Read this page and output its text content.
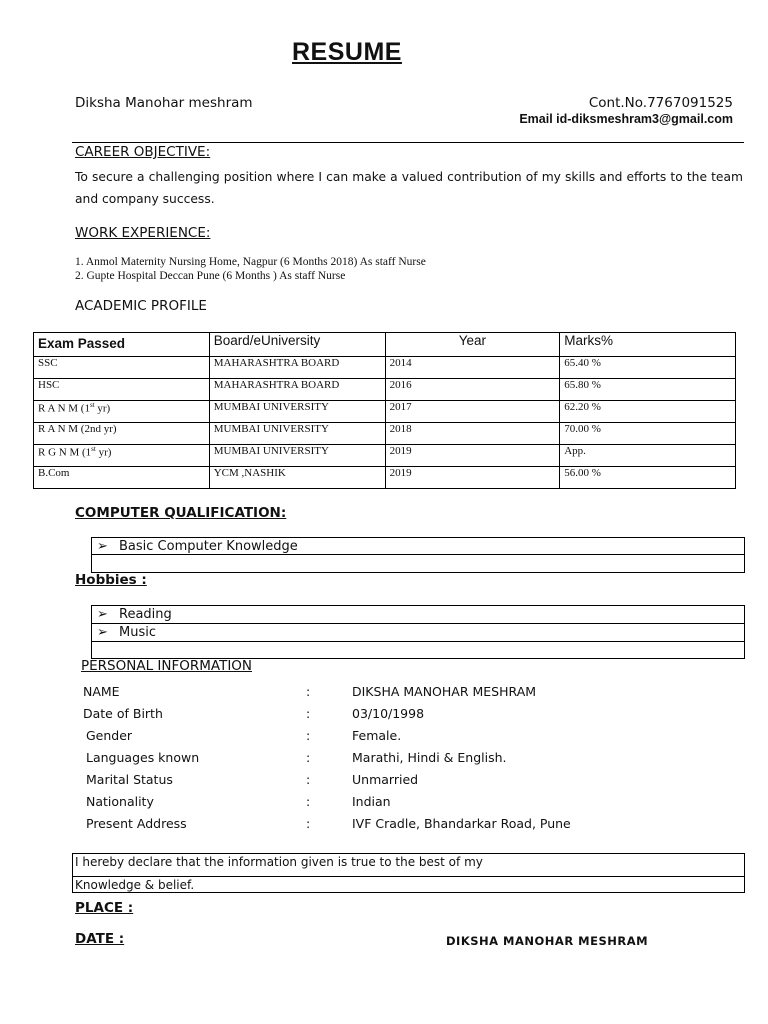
RESUME
Diksha Manohar meshram	Cont.No.7767091525
Email id-diksmeshram3@gmail.com
CAREER OBJECTIVE:
To secure a challenging position where I can make a valued contribution of my skills and efforts to the team and company success.
WORK EXPERIENCE:
1. Anmol Maternity Nursing Home, Nagpur (6 Months 2018) As staff Nurse
2. Gupte Hospital Deccan Pune (6 Months ) As staff Nurse
ACADEMIC PROFILE
Exam Passed	Board/eUniversity	Year	Marks%
SSC	MAHARASHTRA BOARD	2014	65.40 %
HSC	MAHARASHTRA BOARD	2016	65.80 %
R A N M (1st yr)	MUMBAI UNIVERSITY	2017	62.20 %
R A N M (2nd yr)	MUMBAI UNIVERSITY	2018	70.00 %
R G N M (1st yr)	MUMBAI UNIVERSITY	2019	App.
B.Com	YCM ,NASHIK	2019	56.00 %
COMPUTER QUALIFICATION:
➢ Basic Computer Knowledge
Hobbies :
➢ Reading
➢ Music
PERSONAL INFORMATION
NAME	:	DIKSHA MANOHAR MESHRAM
Date of Birth	:	03/10/1998
Gender	:	Female.
Languages known	:	Marathi, Hindi & English.
Marital Status	:	Unmarried
Nationality	:	Indian
Present Address	:	IVF Cradle, Bhandarkar Road, Pune
I hereby declare that the information given is true to the best of my
Knowledge & belief.
PLACE :
DATE :	DIKSHA MANOHAR MESHRAM
